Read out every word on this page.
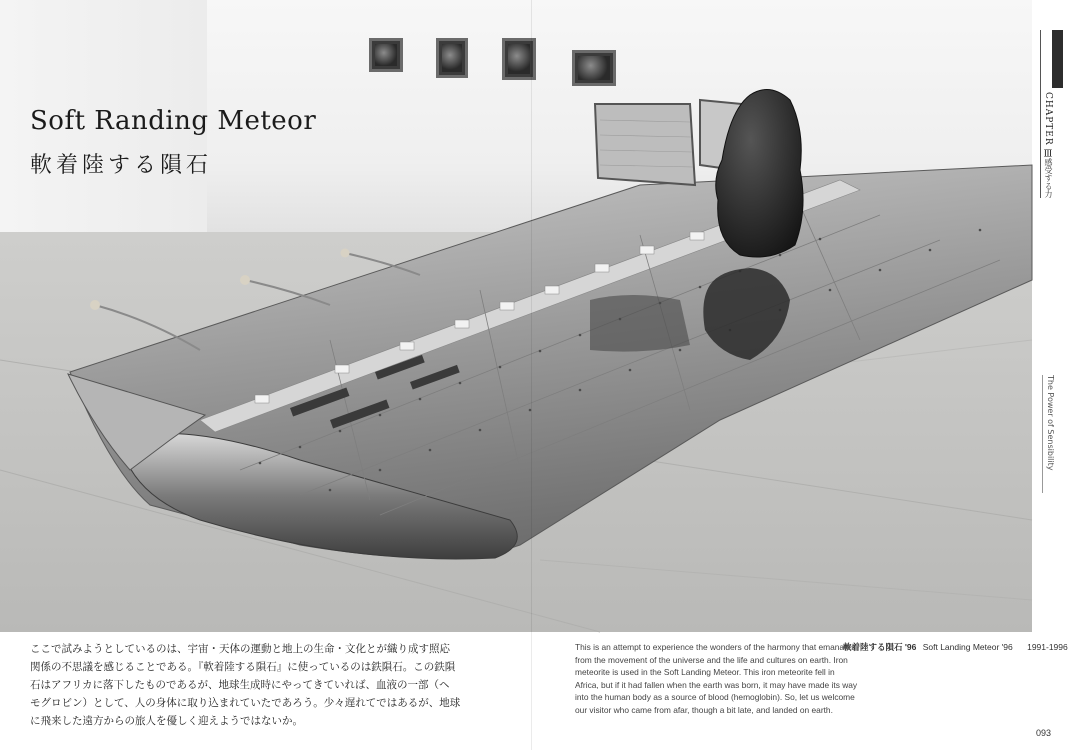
Soft Randing Meteor
軟着陸する隕石
CHAPTER Ⅲ
感受する力
The Power of Sensibility
ここで試みようとしているのは、宇宙・天体の運動と地上の生命・文化とが織り成す照応
関係の不思議を感じることである。『軟着陸する隕石』に使っているのは鉄隕石。この鉄隕
石はアフリカに落下したものであるが、地球生成時にやってきていれば、血液の一部（ヘ
モグロビン）として、人の身体に取り込まれていたであろう。少々遅れてではあるが、地球
に飛来した遠方からの旅人を優しく迎えようではないか。
This is an attempt to experience the wonders of the harmony that emanates
from the movement of the universe and the life and cultures on earth. Iron
meteorite is used in the Soft Landing Meteor. This iron meteorite fell in
Africa, but if it had fallen when the earth was born, it may have made its way
into the human body as a source of blood (hemoglobin). So, let us welcome
our visitor who came from afar, though a bit late, and landed on earth.
軟着陸する隕石 '96 Soft Landing Meteor '96 1991-1996
093
